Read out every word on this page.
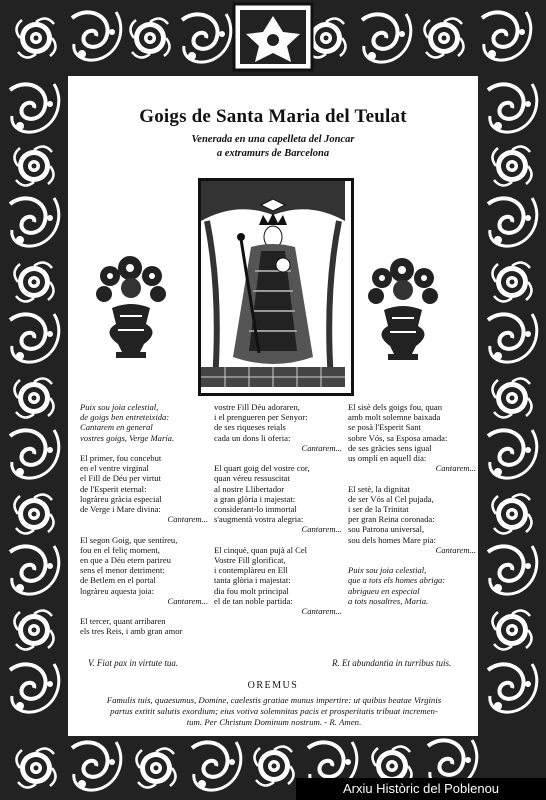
Goigs de Santa Maria del Teulat
Venerada en una capelleta del Joncar
a extramurs de Barcelona
Puix sou joia celestial,
de goigs ben entreteixida:
Cantarem en general
vostres goigs, Verge María.

El primer, fou concebut
en el ventre virginal
el Fill de Déu per virtut
de l'Esperit eternal:
logràreu gràcia especial
de Verge i Mare divina:
Cantarem...

El segon Goig, que sentíreu,
fou en el feliç moment,
en que a Déu etern parireu
sens el menor detriment:
de Betlem en el portal
logràreu aquesta joia:
Cantarem...

El tercer, quant arribaren
els tres Reis, i amb gran amor
vostre Fill Déu adoraren,
i el prengueren per Senyor:
de ses riqueses reials
cada un dons li oferia:
Cantarem...

El quart goig del vostre cor,
quan véreu ressuscitat
al nostre Llibertador
a gran glòria i majestat:
considerant-lo immortal
s'augmentà vostra alegria:
Cantarem...

El cinquè, quan pujà al Cel
Vostre Fill glorificat,
i contemplàreu en Ell
tanta glòria i majestat:
dia fou molt principal
el de tan noble partida:
Cantarem...
El sisè dels goigs fou, quan
amb molt solemne baixada
se posà l'Esperit Sant
sobre Vós, sa Esposa amada:
de ses gràcies sens igual
us omplí en aquell dia:
Cantarem...

El setè, la dignitat
de ser Vós al Cel pujada,
i ser de la Trinitat
per gran Reina coronada:
sou Patrona universal,
sou dels homes Mare pia:
Cantarem...

Puix sou joia celestial,
que a tots els homes abriga:
abrigueu en especial
a tots nosaltres, Maria.
V. Fiat pax in virtute tua.	R. Et abundantia in turribus tuis.
OREMUS
Famulis tuis, quaesumus, Domine, caelestis gratiae munus impertire: ut quibus beatae Virginis
partus extitit salutis exordium; eius votiva solemnitas pacis et prosperitatis tribuat incremen-
tum. Per Christum Dominum nostrum. - R. Amen.
Arxiu Històric del Poblenou
